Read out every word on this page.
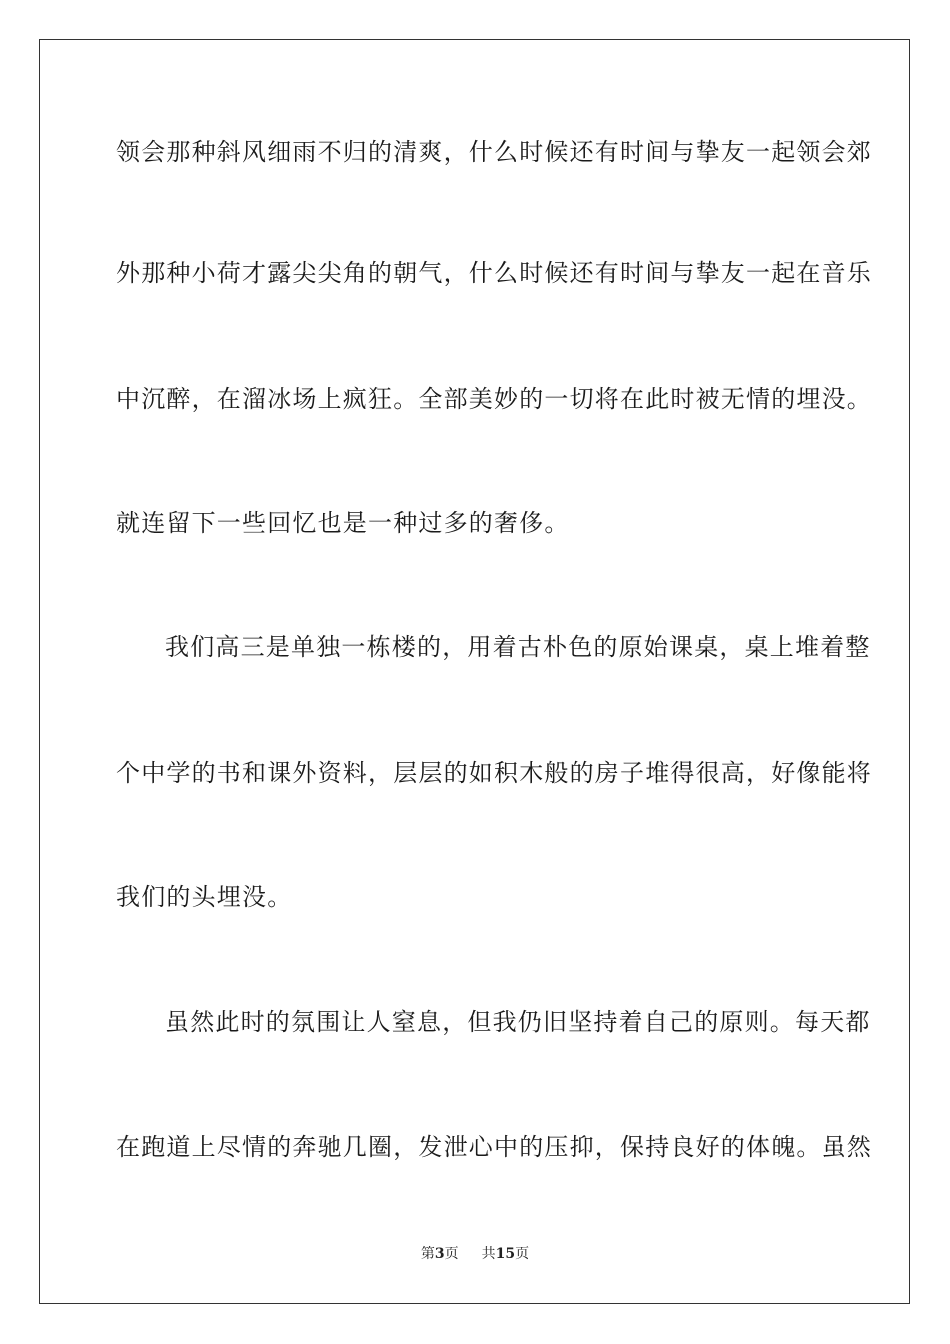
领会那种斜风细雨不归的清爽，什么时候还有时间与挚友一起领会郊
外那种小荷才露尖尖角的朝气，什么时候还有时间与挚友一起在音乐
中沉醉，在溜冰场上疯狂。全部美妙的一切将在此时被无情的埋没。
就连留下一些回忆也是一种过多的奢侈。
我们高三是单独一栋楼的，用着古朴色的原始课桌，桌上堆着整
个中学的书和课外资料，层层的如积木般的房子堆得很高，好像能将
我们的头埋没。
虽然此时的氛围让人窒息，但我仍旧坚持着自己的原则。每天都
在跑道上尽情的奔驰几圈，发泄心中的压抑，保持良好的体魄。虽然
第3页 共15页
